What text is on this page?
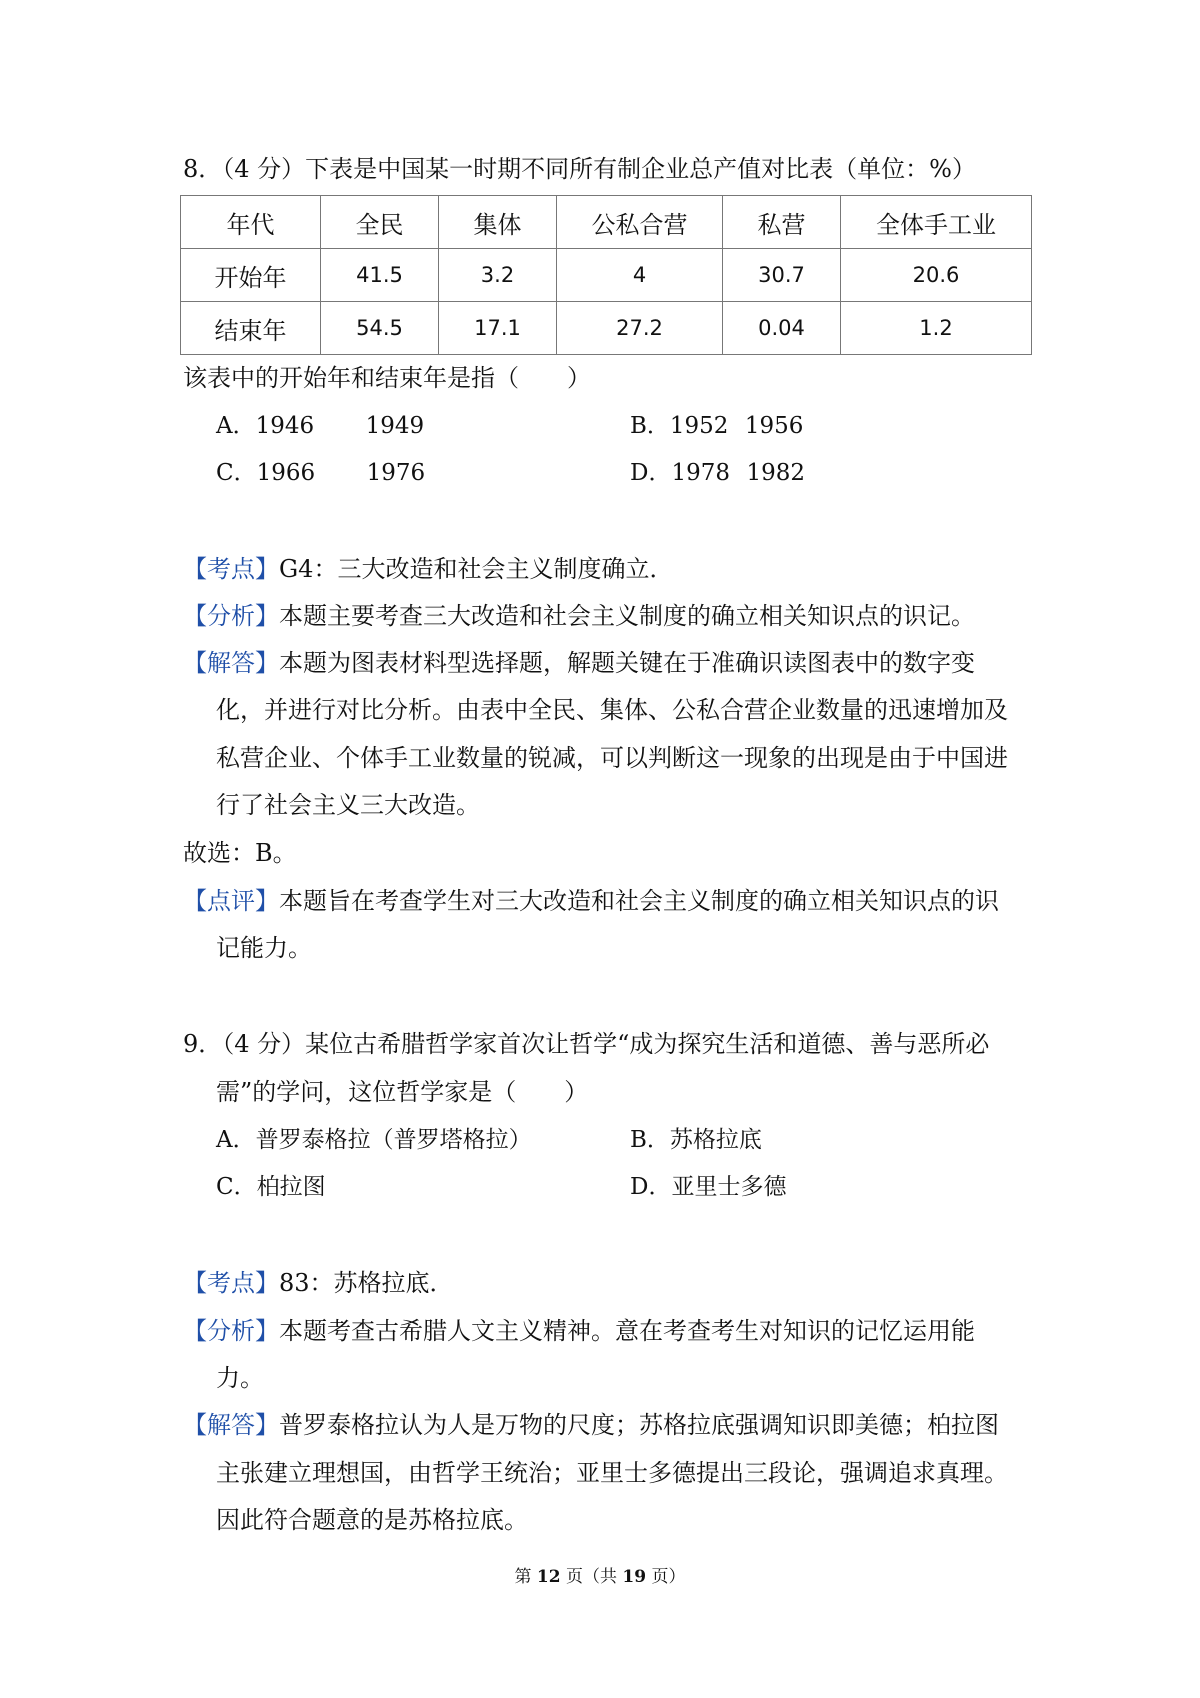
8．（4 分）下表是中国某一时期不同所有制企业总产值对比表（单位：%）
年代	全民	集体	公私合营	私营	全体手工业
开始年	41.5	3.2	4	30.7	20.6
结束年	54.5	17.1	27.2	0.04	1.2
该表中的开始年和结束年是指（　　）
A．1946 1949	B．1952 1956
C．1966 1976	D．1978 1982
【考点】G4：三大改造和社会主义制度确立．
【分析】本题主要考查三大改造和社会主义制度的确立相关知识点的识记。
【解答】本题为图表材料型选择题，解题关键在于准确识读图表中的数字变
化，并进行对比分析。由表中全民、集体、公私合营企业数量的迅速增加及
私营企业、个体手工业数量的锐减，可以判断这一现象的出现是由于中国进
行了社会主义三大改造。
故选：B。
【点评】本题旨在考查学生对三大改造和社会主义制度的确立相关知识点的识
记能力。
9．（4 分）某位古希腊哲学家首次让哲学“成为探究生活和道德、善与恶所必
需”的学问，这位哲学家是（　　）
A．普罗泰格拉（普罗塔格拉）	B．苏格拉底
C．柏拉图	D．亚里士多德
【考点】83：苏格拉底．
【分析】本题考查古希腊人文主义精神。意在考查考生对知识的记忆运用能
力。
【解答】普罗泰格拉认为人是万物的尺度；苏格拉底强调知识即美德；柏拉图
主张建立理想国，由哲学王统治；亚里士多德提出三段论，强调追求真理。
因此符合题意的是苏格拉底。
第 12 页（共 19 页）
